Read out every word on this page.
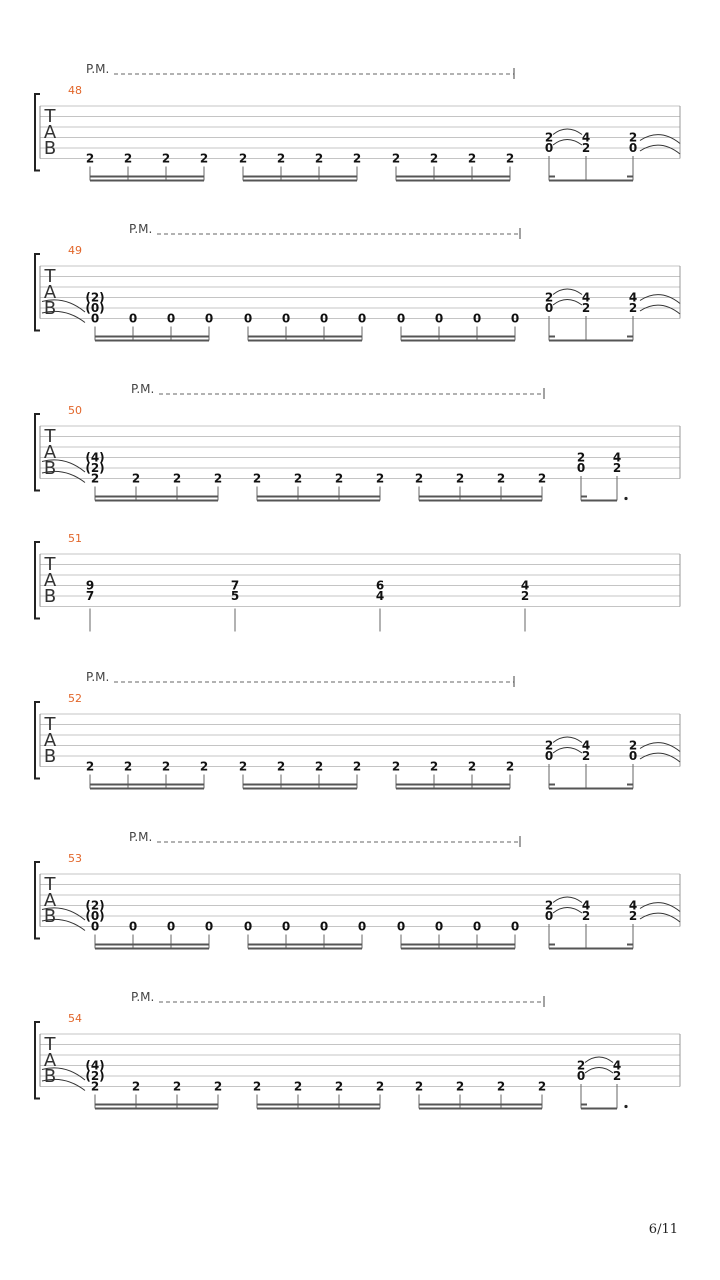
T
A
B
48
P.M.
2 2 2 2	2 2 2 2	2 2 2 2
2
0
4
2
2
0
T
A
B
49
P.M.
(2)
(0)
0 0 0 0	0 0 0 0	0 0 0 0
2
0
4
2
4
2
T
A
B
50
P.M.
(4)
(2)
2	2	2	2	2	2	2	2	2	2	2	2
2
0
4
2
T
A
B
51
9
7
7
5
6
4
4
2
T
A
B
52
P.M.
2 2 2 2	2 2 2 2	2 2 2 2
2
0
4
2
2
0
T
A
B
53
P.M.
(2)
(0)
0 0 0 0	0 0 0 0	0 0 0 0
2
0
4
2
4
2
T
A
B
54
P.M.
(4)
(2)
2	2	2	2	2	2	2	2	2	2	2	2
2
0
4
2
6/11
